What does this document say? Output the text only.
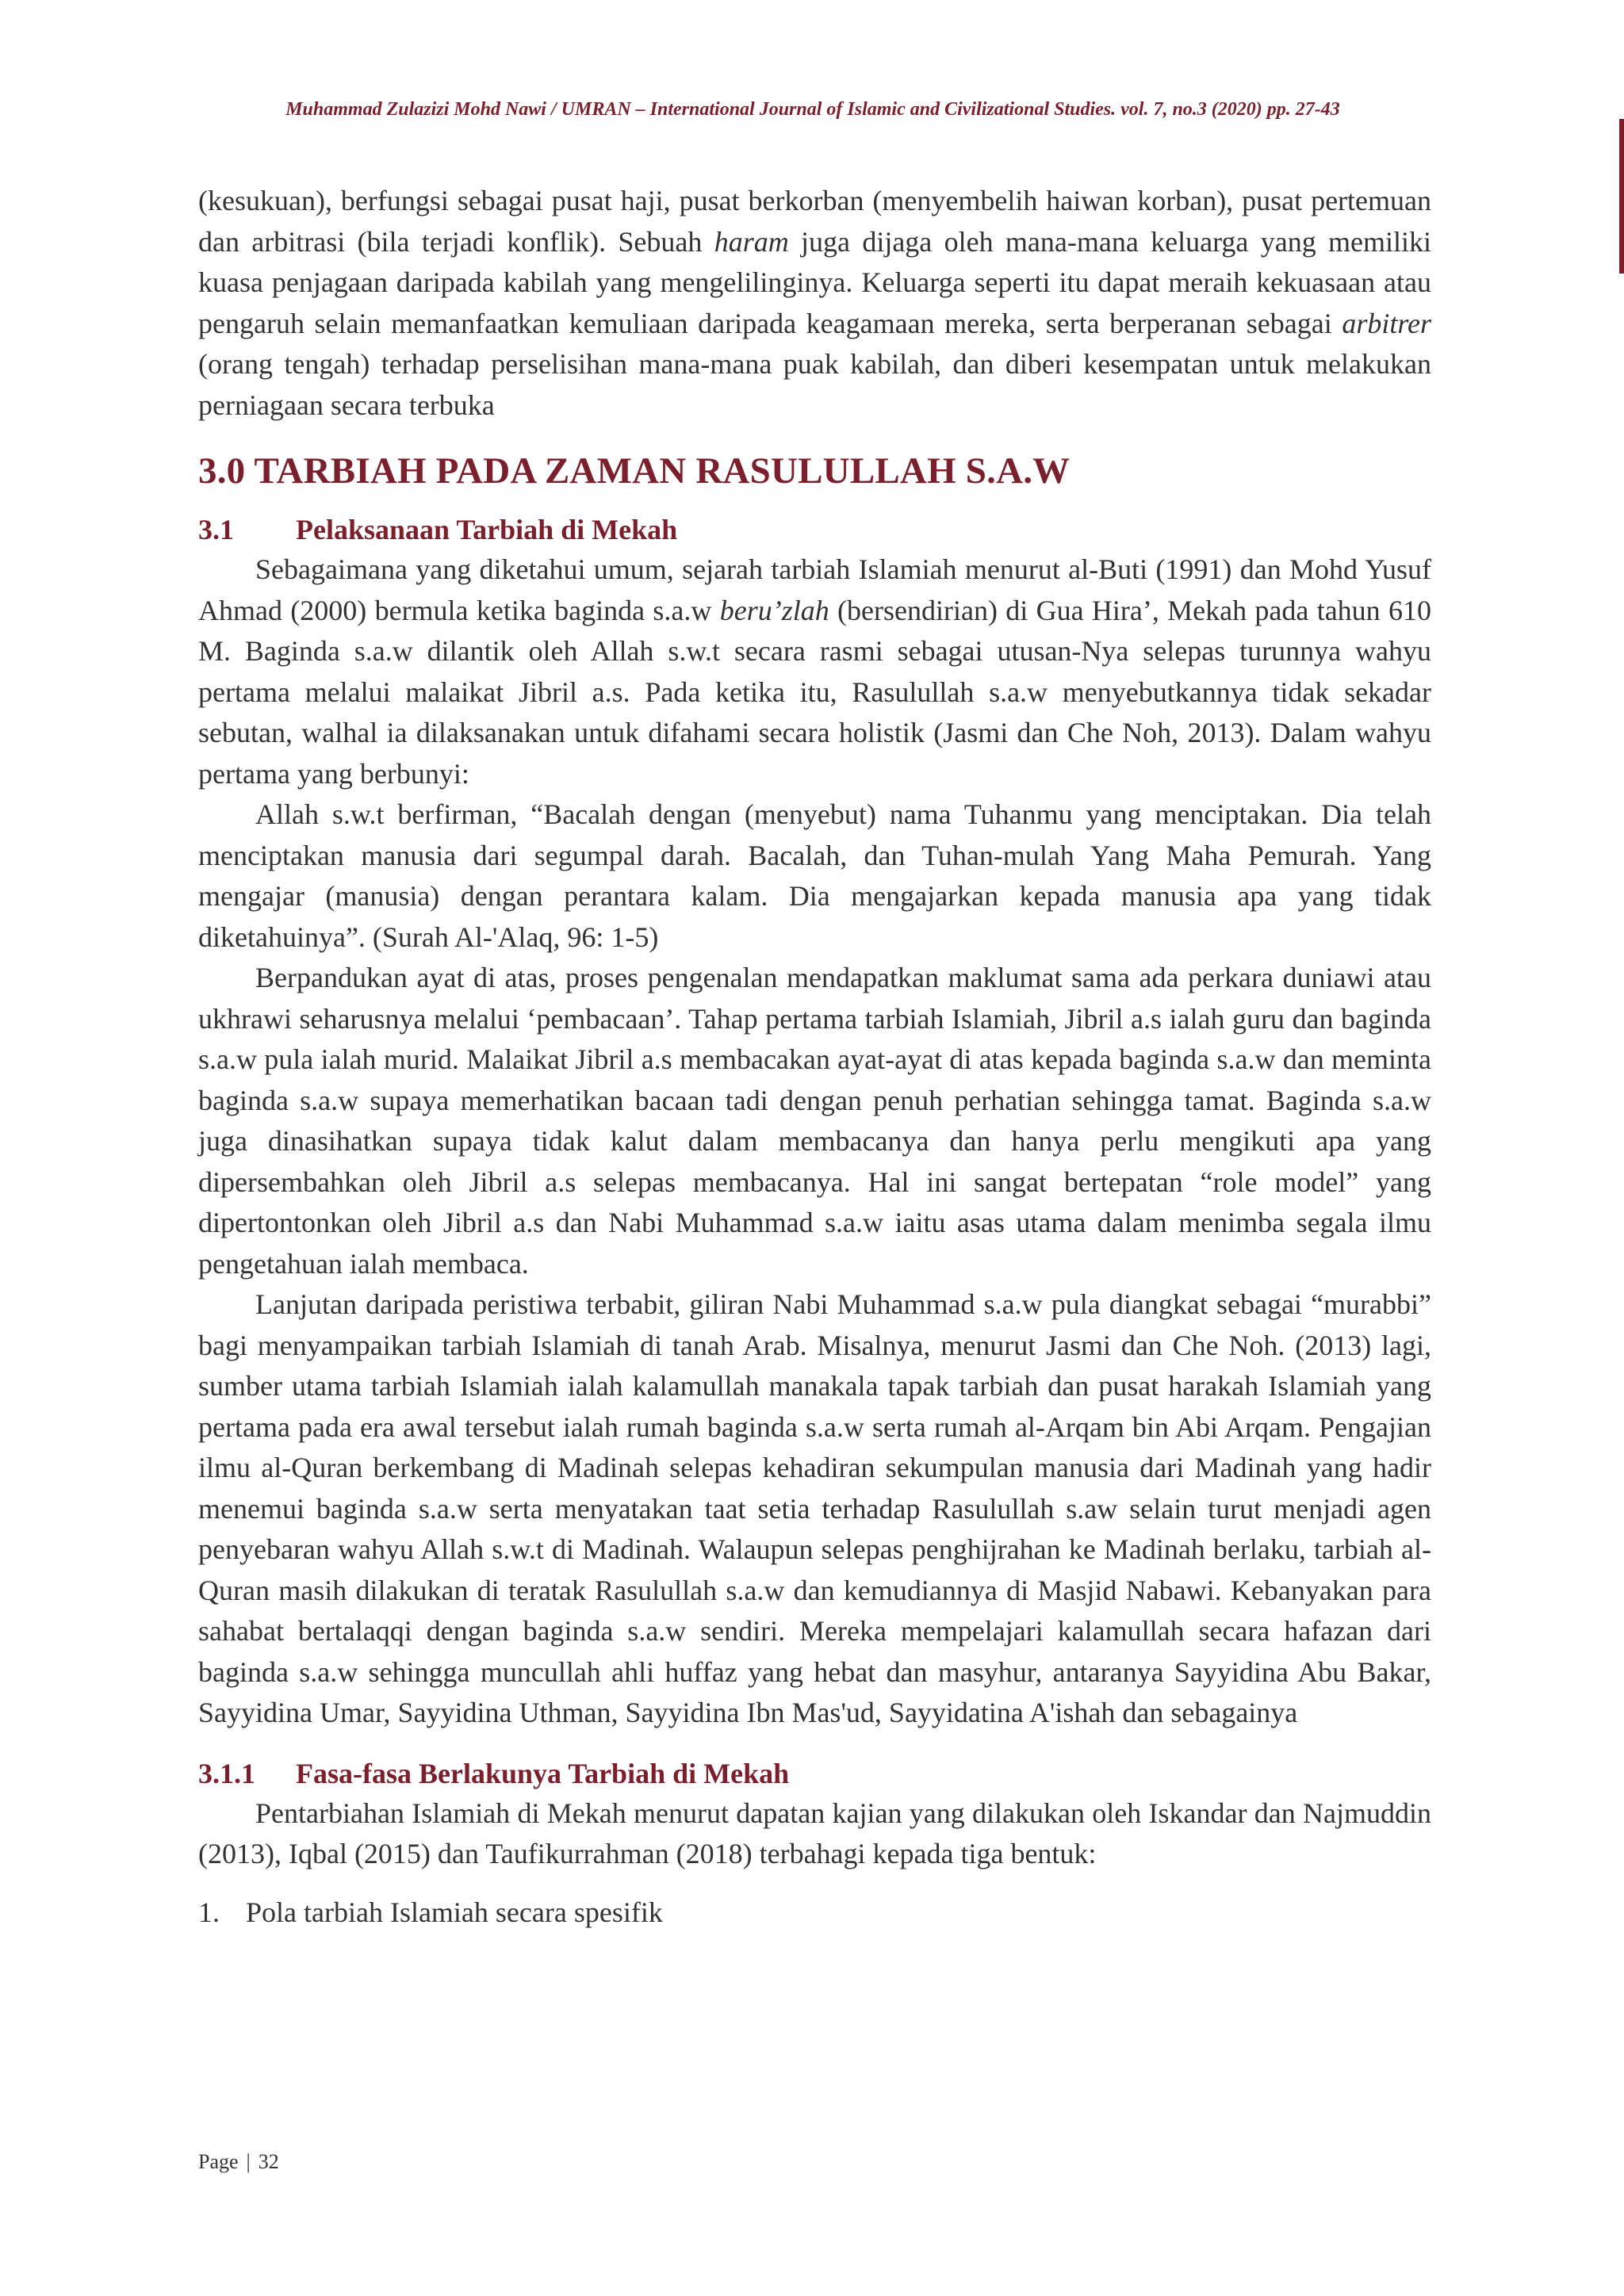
Muhammad Zulazizi Mohd Nawi / UMRAN – International Journal of Islamic and Civilizational Studies. vol. 7, no.3 (2020) pp. 27-43

(kesukuan), berfungsi sebagai pusat haji, pusat berkorban (menyembelih haiwan korban), pusat pertemuan dan arbitrasi (bila terjadi konflik). Sebuah haram juga dijaga oleh mana-mana keluarga yang memiliki kuasa penjagaan daripada kabilah yang mengelilinginya. Keluarga seperti itu dapat meraih kekuasaan atau pengaruh selain memanfaatkan kemuliaan daripada keagamaan mereka, serta berperanan sebagai arbitrer (orang tengah) terhadap perselisihan mana-mana puak kabilah, dan diberi kesempatan untuk melakukan perniagaan secara terbuka

3.0 TARBIAH PADA ZAMAN RASULULLAH S.A.W
3.1	Pelaksanaan Tarbiah di Mekah

Sebagaimana yang diketahui umum, sejarah tarbiah Islamiah menurut al-Buti (1991) dan Mohd Yusuf Ahmad (2000) bermula ketika baginda s.a.w beru’zlah (bersendirian) di Gua Hira’, Mekah pada tahun 610 M. Baginda s.a.w dilantik oleh Allah s.w.t secara rasmi sebagai utusan-Nya selepas turunnya wahyu pertama melalui malaikat Jibril a.s. Pada ketika itu, Rasulullah s.a.w menyebutkannya tidak sekadar sebutan, walhal ia dilaksanakan untuk difahami secara holistik (Jasmi dan Che Noh, 2013). Dalam wahyu pertama yang berbunyi:

Allah s.w.t berfirman, “Bacalah dengan (menyebut) nama Tuhanmu yang menciptakan. Dia telah menciptakan manusia dari segumpal darah. Bacalah, dan Tuhan-mulah Yang Maha Pemurah. Yang mengajar (manusia) dengan perantara kalam. Dia mengajarkan kepada manusia apa yang tidak diketahuinya”. (Surah Al-'Alaq, 96: 1-5)

Berpandukan ayat di atas, proses pengenalan mendapatkan maklumat sama ada perkara duniawi atau ukhrawi seharusnya melalui ‘pembacaan’. Tahap pertama tarbiah Islamiah, Jibril a.s ialah guru dan baginda s.a.w pula ialah murid. Malaikat Jibril a.s membacakan ayat-ayat di atas kepada baginda s.a.w dan meminta baginda s.a.w supaya memerhatikan bacaan tadi dengan penuh perhatian sehingga tamat. Baginda s.a.w juga dinasihatkan supaya tidak kalut dalam membacanya dan hanya perlu mengikuti apa yang dipersembahkan oleh Jibril a.s selepas membacanya. Hal ini sangat bertepatan “role model” yang dipertontonkan oleh Jibril a.s dan Nabi Muhammad s.a.w iaitu asas utama dalam menimba segala ilmu pengetahuan ialah membaca.

Lanjutan daripada peristiwa terbabit, giliran Nabi Muhammad s.a.w pula diangkat sebagai “murabbi” bagi menyampaikan tarbiah Islamiah di tanah Arab. Misalnya, menurut Jasmi dan Che Noh. (2013) lagi, sumber utama tarbiah Islamiah ialah kalamullah manakala tapak tarbiah dan pusat harakah Islamiah yang pertama pada era awal tersebut ialah rumah baginda s.a.w serta rumah al-Arqam bin Abi Arqam. Pengajian ilmu al-Quran berkembang di Madinah selepas kehadiran sekumpulan manusia dari Madinah yang hadir menemui baginda s.a.w serta menyatakan taat setia terhadap Rasulullah s.aw selain turut menjadi agen penyebaran wahyu Allah s.w.t di Madinah. Walaupun selepas penghijrahan ke Madinah berlaku, tarbiah al-Quran masih dilakukan di teratak Rasulullah s.a.w dan kemudiannya di Masjid Nabawi. Kebanyakan para sahabat bertalaqqi dengan baginda s.a.w sendiri. Mereka mempelajari kalamullah secara hafazan dari baginda s.a.w sehingga muncullah ahli huffaz yang hebat dan masyhur, antaranya Sayyidina Abu Bakar, Sayyidina Umar, Sayyidina Uthman, Sayyidina Ibn Mas'ud, Sayyidatina A'ishah dan sebagainya

3.1.1	Fasa-fasa Berlakunya Tarbiah di Mekah

Pentarbiahan Islamiah di Mekah menurut dapatan kajian yang dilakukan oleh Iskandar dan Najmuddin (2013), Iqbal (2015) dan Taufikurrahman (2018) terbahagi kepada tiga bentuk:

1. Pola tarbiah Islamiah secara spesifik
Page | 32
